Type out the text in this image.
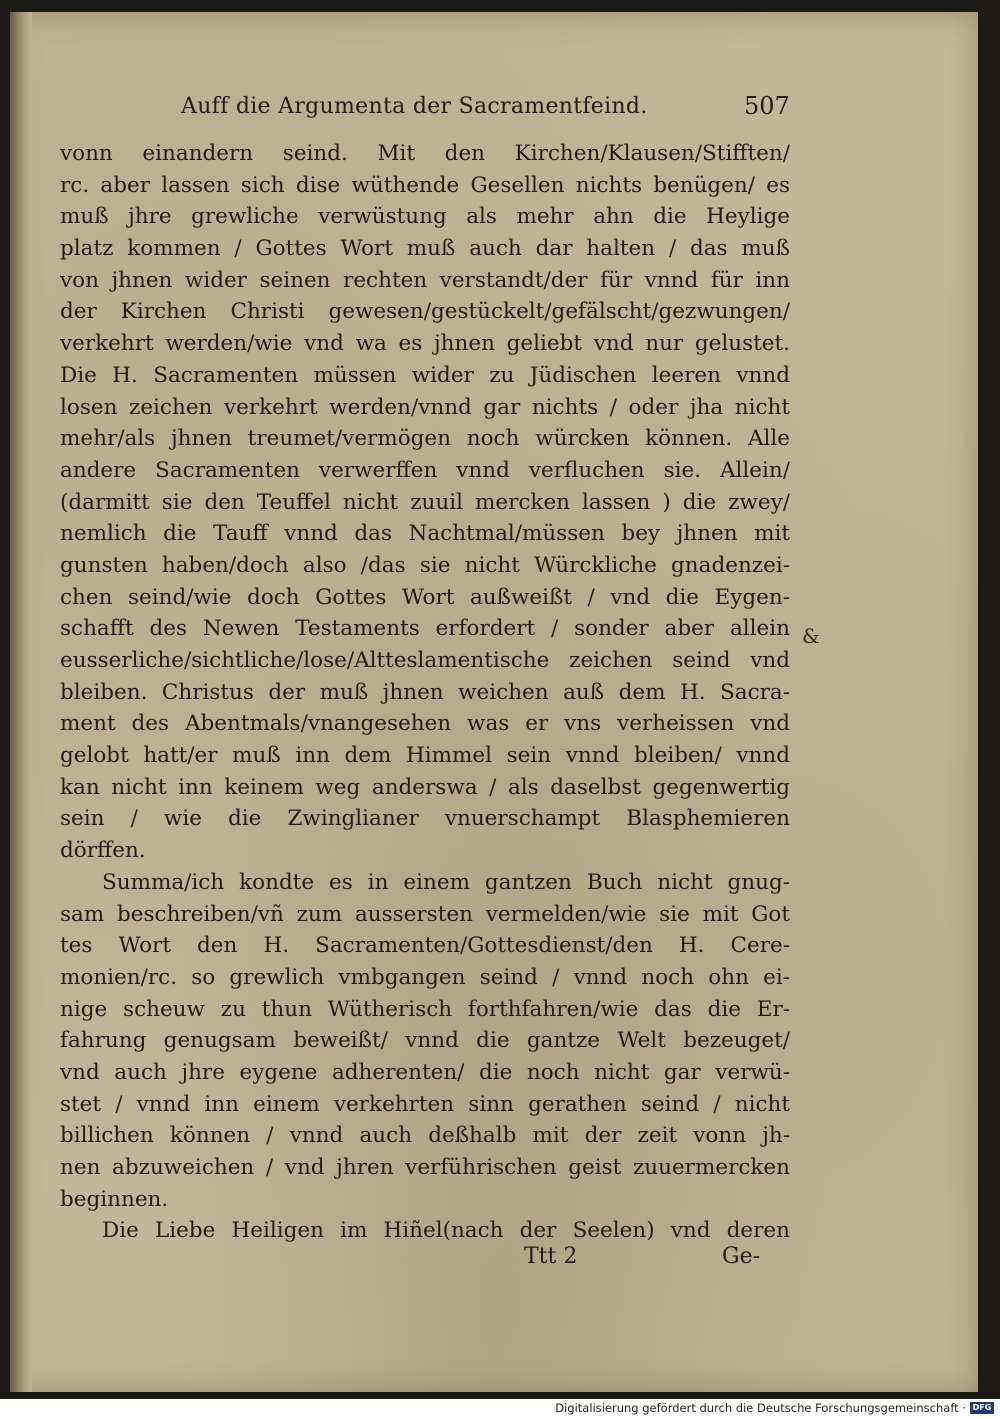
Auff die Argumenta der Sacramentfeind.	507
vonn einandern seind. Mit den Kirchen/Klausen/Stifften/
rc. aber lassen sich dise wüthende Gesellen nichts benügen/ es
muß jhre grewliche verwüstung als mehr ahn die Heylige
platz kommen / Gottes Wort muß auch dar halten / das muß
von jhnen wider seinen rechten verstandt/der für vnnd für inn
der Kirchen Christi gewesen/gestückelt/gefälscht/gezwungen/
verkehrt werden/wie vnd wa es jhnen geliebt vnd nur gelustet.
Die H. Sacramenten müssen wider zu Jüdischen leeren vnnd
losen zeichen verkehrt werden/vnnd gar nichts / oder jha nicht
mehr/als jhnen treumet/vermögen noch würcken können. Alle
andere Sacramenten verwerffen vnnd verfluchen sie. Allein/
(darmitt sie den Teuffel nicht zuuil mercken lassen ) die zwey/
nemlich die Tauff vnnd das Nachtmal/müssen bey jhnen mit
gunsten haben/doch also /das sie nicht Würckliche gnadenzei-
chen seind/wie doch Gottes Wort außweißt / vnd die Eygen-
schafft des Newen Testaments erfordert / sonder aber allein
eusserliche/sichtliche/lose/Altteslamentische zeichen seind vnd
bleiben. Christus der muß jhnen weichen auß dem H. Sacra-
ment des Abentmals/vnangesehen was er vns verheissen vnd
gelobt hatt/er muß inn dem Himmel sein vnnd bleiben/ vnnd
kan nicht inn keinem weg anderswa / als daselbst gegenwertig
sein / wie die Zwinglianer vnuerschampt Blasphemieren
dörffen.
Summa/ich kondte es in einem gantzen Buch nicht gnug-
sam beschreiben/vñ zum aussersten vermelden/wie sie mit Got
tes Wort den H. Sacramenten/Gottesdienst/den H. Cere-
monien/rc. so grewlich vmbgangen seind / vnnd noch ohn ei-
nige scheuw zu thun Wütherisch forthfahren/wie das die Er-
fahrung genugsam beweißt/ vnnd die gantze Welt bezeuget/
vnd auch jhre eygene adherenten/ die noch nicht gar verwü-
stet / vnnd inn einem verkehrten sinn gerathen seind / nicht
billichen können / vnnd auch deßhalb mit der zeit vonn jh-
nen abzuweichen / vnd jhren verführischen geist zuuermercken
beginnen.
Die Liebe Heiligen im Hiñel(nach der Seelen) vnd deren
Ttt 2	Ge-
&
Digitalisierung gefördert durch die Deutsche Forschungsgemeinschaft · DFG
